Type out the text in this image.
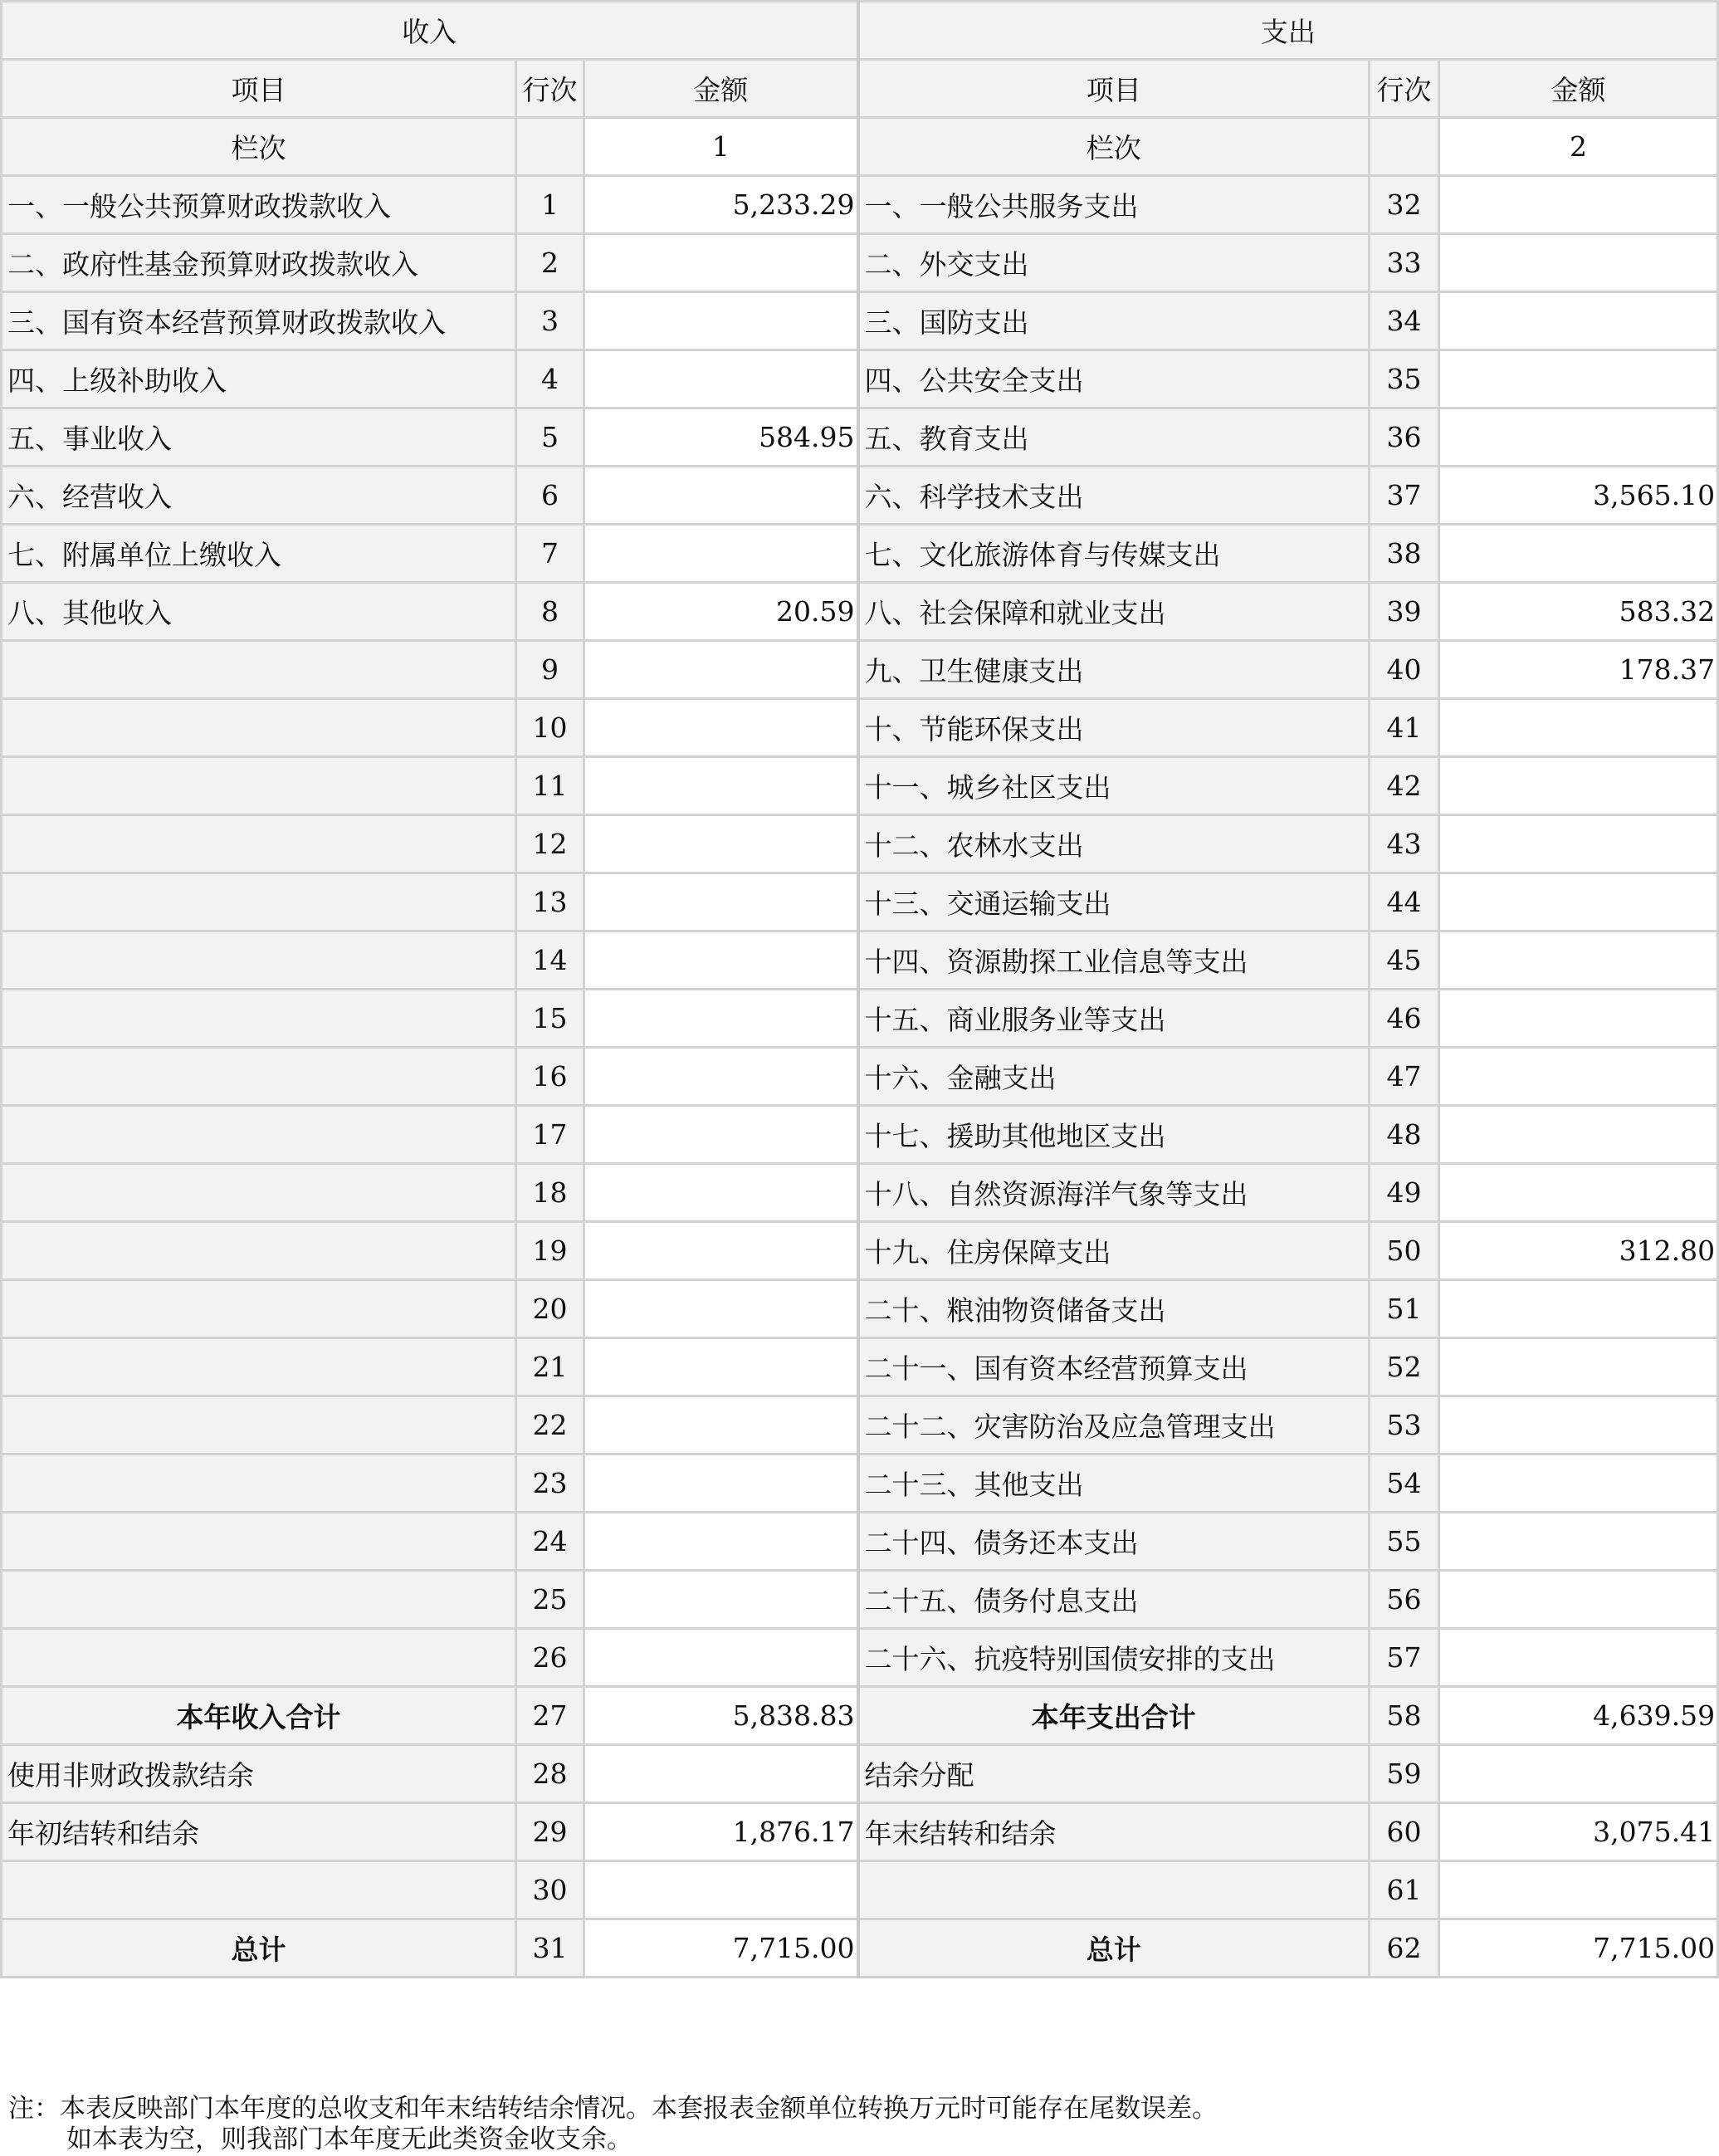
收入			支出		
项目	行次	金额	项目	行次	金额
栏次		1	栏次		2
一、一般公共预算财政拨款收入	1	5,233.29	一、一般公共服务支出	32	
二、政府性基金预算财政拨款收入	2		二、外交支出	33	
三、国有资本经营预算财政拨款收入	3		三、国防支出	34	
四、上级补助收入	4		四、公共安全支出	35	
五、事业收入	5	584.95	五、教育支出	36	
六、经营收入	6		六、科学技术支出	37	3,565.10
七、附属单位上缴收入	7		七、文化旅游体育与传媒支出	38	
八、其他收入	8	20.59	八、社会保障和就业支出	39	583.32
	9		九、卫生健康支出	40	178.37
	10		十、节能环保支出	41	
	11		十一、城乡社区支出	42	
	12		十二、农林水支出	43	
	13		十三、交通运输支出	44	
	14		十四、资源勘探工业信息等支出	45	
	15		十五、商业服务业等支出	46	
	16		十六、金融支出	47	
	17		十七、援助其他地区支出	48	
	18		十八、自然资源海洋气象等支出	49	
	19		十九、住房保障支出	50	312.80
	20		二十、粮油物资储备支出	51	
	21		二十一、国有资本经营预算支出	52	
	22		二十二、灾害防治及应急管理支出	53	
	23		二十三、其他支出	54	
	24		二十四、债务还本支出	55	
	25		二十五、债务付息支出	56	
	26		二十六、抗疫特别国债安排的支出	57	
本年收入合计	27	5,838.83	本年支出合计	58	4,639.59
使用非财政拨款结余	28		结余分配	59	
年初结转和结余	29	1,876.17	年末结转和结余	60	3,075.41
	30			61	
总计	31	7,715.00	总计	62	7,715.00
注：本表反映部门本年度的总收支和年末结转结余情况。本套报表金额单位转换万元时可能存在尾数误差。
如本表为空，则我部门本年度无此类资金收支余。
